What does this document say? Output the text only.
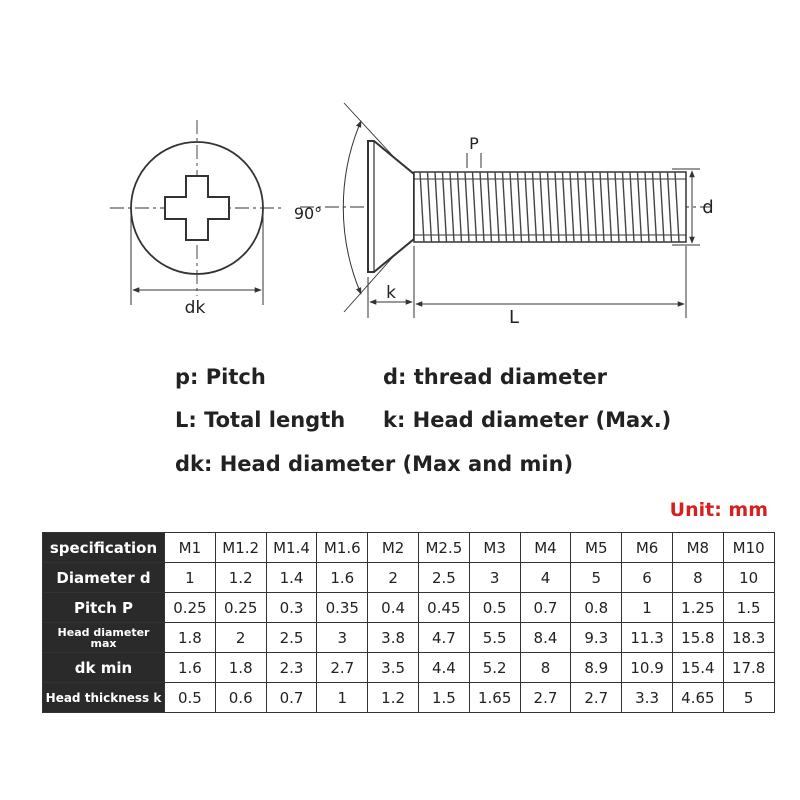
dk
P
90°	d
k
L
p: Pitch	d: thread diameter
L: Total length k: Head diameter (Max.)
dk: Head diameter (Max and min)
Unit: mm
specification	M1	M1.2	M1.4	M1.6	M2	M2.5	M3	M4	M5	M6	M8	M10
Diameter d	1	1.2	1.4	1.6	2	2.5	3	4	5	6	8	10
Pitch P	0.25	0.25	0.3	0.35	0.4	0.45	0.5	0.7	0.8	1	1.25	1.5
Head diameter max	1.8	2	2.5	3	3.8	4.7	5.5	8.4	9.3	11.3	15.8	18.3
dk min	1.6	1.8	2.3	2.7	3.5	4.4	5.2	8	8.9	10.9	15.4	17.8
Head thickness k	0.5	0.6	0.7	1	1.2	1.5	1.65	2.7	2.7	3.3	4.65	5
